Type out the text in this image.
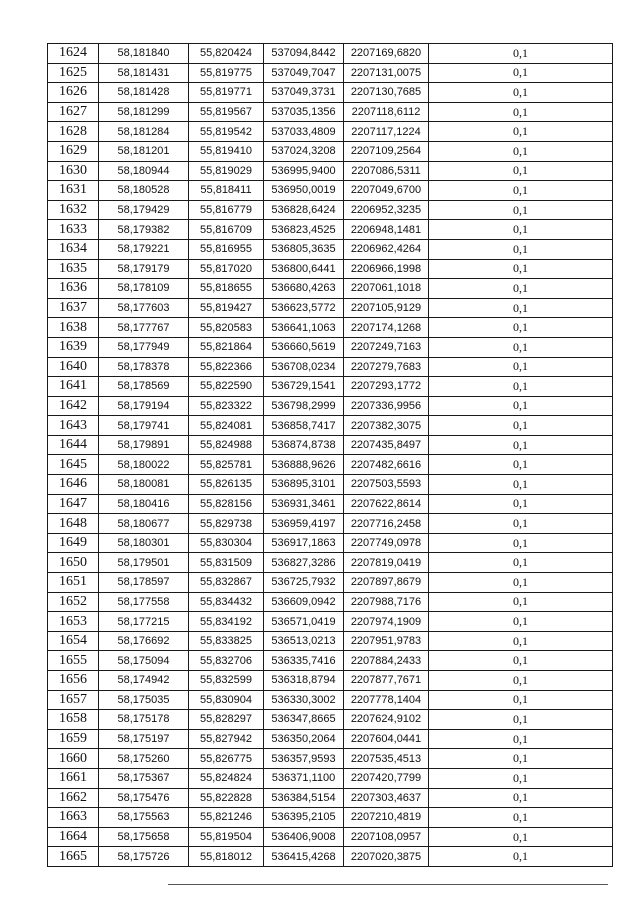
1624	58,181840	55,820424	537094,8442	2207169,6820	0,1
1625	58,181431	55,819775	537049,7047	2207131,0075	0,1
1626	58,181428	55,819771	537049,3731	2207130,7685	0,1
1627	58,181299	55,819567	537035,1356	2207118,6112	0,1
1628	58,181284	55,819542	537033,4809	2207117,1224	0,1
1629	58,181201	55,819410	537024,3208	2207109,2564	0,1
1630	58,180944	55,819029	536995,9400	2207086,5311	0,1
1631	58,180528	55,818411	536950,0019	2207049,6700	0,1
1632	58,179429	55,816779	536828,6424	2206952,3235	0,1
1633	58,179382	55,816709	536823,4525	2206948,1481	0,1
1634	58,179221	55,816955	536805,3635	2206962,4264	0,1
1635	58,179179	55,817020	536800,6441	2206966,1998	0,1
1636	58,178109	55,818655	536680,4263	2207061,1018	0,1
1637	58,177603	55,819427	536623,5772	2207105,9129	0,1
1638	58,177767	55,820583	536641,1063	2207174,1268	0,1
1639	58,177949	55,821864	536660,5619	2207249,7163	0,1
1640	58,178378	55,822366	536708,0234	2207279,7683	0,1
1641	58,178569	55,822590	536729,1541	2207293,1772	0,1
1642	58,179194	55,823322	536798,2999	2207336,9956	0,1
1643	58,179741	55,824081	536858,7417	2207382,3075	0,1
1644	58,179891	55,824988	536874,8738	2207435,8497	0,1
1645	58,180022	55,825781	536888,9626	2207482,6616	0,1
1646	58,180081	55,826135	536895,3101	2207503,5593	0,1
1647	58,180416	55,828156	536931,3461	2207622,8614	0,1
1648	58,180677	55,829738	536959,4197	2207716,2458	0,1
1649	58,180301	55,830304	536917,1863	2207749,0978	0,1
1650	58,179501	55,831509	536827,3286	2207819,0419	0,1
1651	58,178597	55,832867	536725,7932	2207897,8679	0,1
1652	58,177558	55,834432	536609,0942	2207988,7176	0,1
1653	58,177215	55,834192	536571,0419	2207974,1909	0,1
1654	58,176692	55,833825	536513,0213	2207951,9783	0,1
1655	58,175094	55,832706	536335,7416	2207884,2433	0,1
1656	58,174942	55,832599	536318,8794	2207877,7671	0,1
1657	58,175035	55,830904	536330,3002	2207778,1404	0,1
1658	58,175178	55,828297	536347,8665	2207624,9102	0,1
1659	58,175197	55,827942	536350,2064	2207604,0441	0,1
1660	58,175260	55,826775	536357,9593	2207535,4513	0,1
1661	58,175367	55,824824	536371,1100	2207420,7799	0,1
1662	58,175476	55,822828	536384,5154	2207303,4637	0,1
1663	58,175563	55,821246	536395,2105	2207210,4819	0,1
1664	58,175658	55,819504	536406,9008	2207108,0957	0,1
1665	58,175726	55,818012	536415,4268	2207020,3875	0,1
